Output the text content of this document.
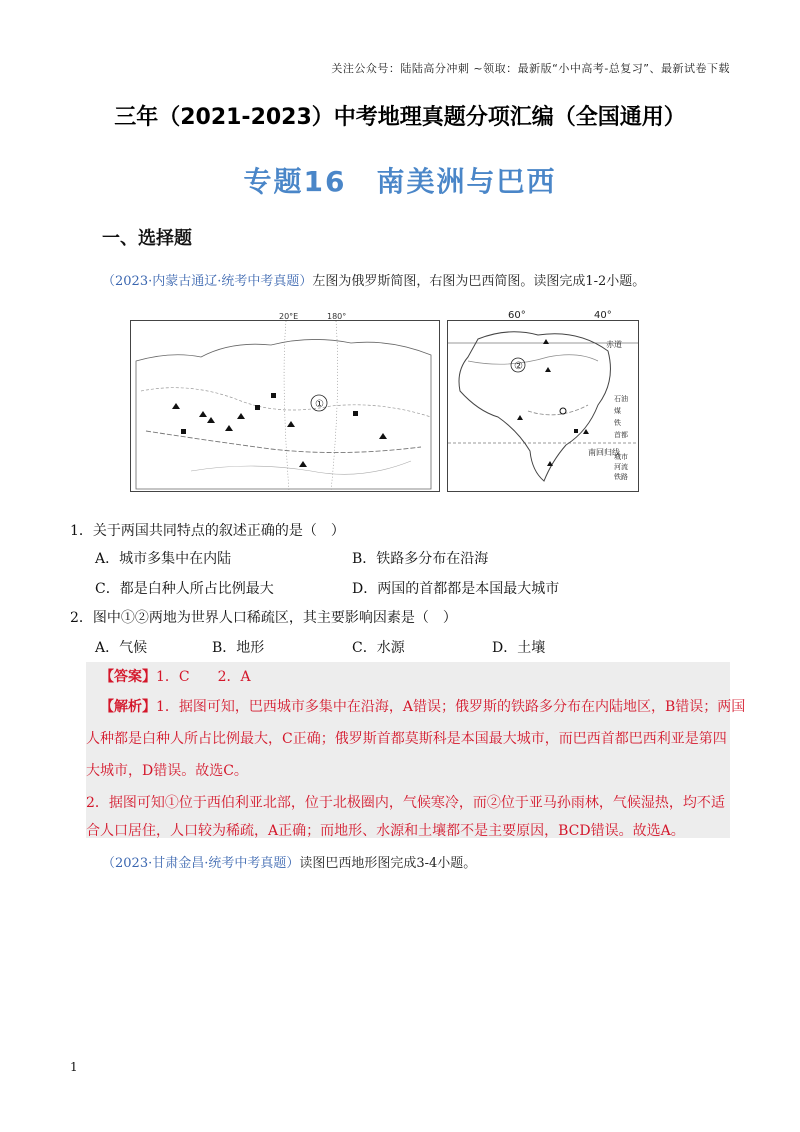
关注公众号：陆陆高分冲刺 ~领取：最新版“小中高考-总复习”、最新试卷下载
三年（2021-2023）中考地理真题分项汇编（全国通用）
专题16　南美洲与巴西
一、选择题
（2023·内蒙古通辽·统考中考真题）左图为俄罗斯简图，右图为巴西简图。读图完成1-2小题。
20°E	180°
①
60°	40°
赤道
南回归线
②
石油
煤
铁
首都
城市
河流
铁路
1．关于两国共同特点的叙述正确的是（　）
A．城市多集中在内陆	B．铁路多分布在沿海
C．都是白种人所占比例最大	D．两国的首都都是本国最大城市
2．图中①②两地为世界人口稀疏区，其主要影响因素是（　）
A．气候	B．地形	C．水源	D．土壤
【答案】1．C　　2．A
【解析】1．据图可知，巴西城市多集中在沿海，A错误；俄罗斯的铁路多分布在内陆地区，B错误；两国
人种都是白种人所占比例最大，C正确；俄罗斯首都莫斯科是本国最大城市，而巴西首都巴西利亚是第四
大城市，D错误。故选C。
2．据图可知①位于西伯利亚北部，位于北极圈内，气候寒冷，而②位于亚马孙雨林，气候湿热，均不适
合人口居住，人口较为稀疏，A正确；而地形、水源和土壤都不是主要原因，BCD错误。故选A。
（2023·甘肃金昌·统考中考真题）读图巴西地形图完成3-4小题。
1
